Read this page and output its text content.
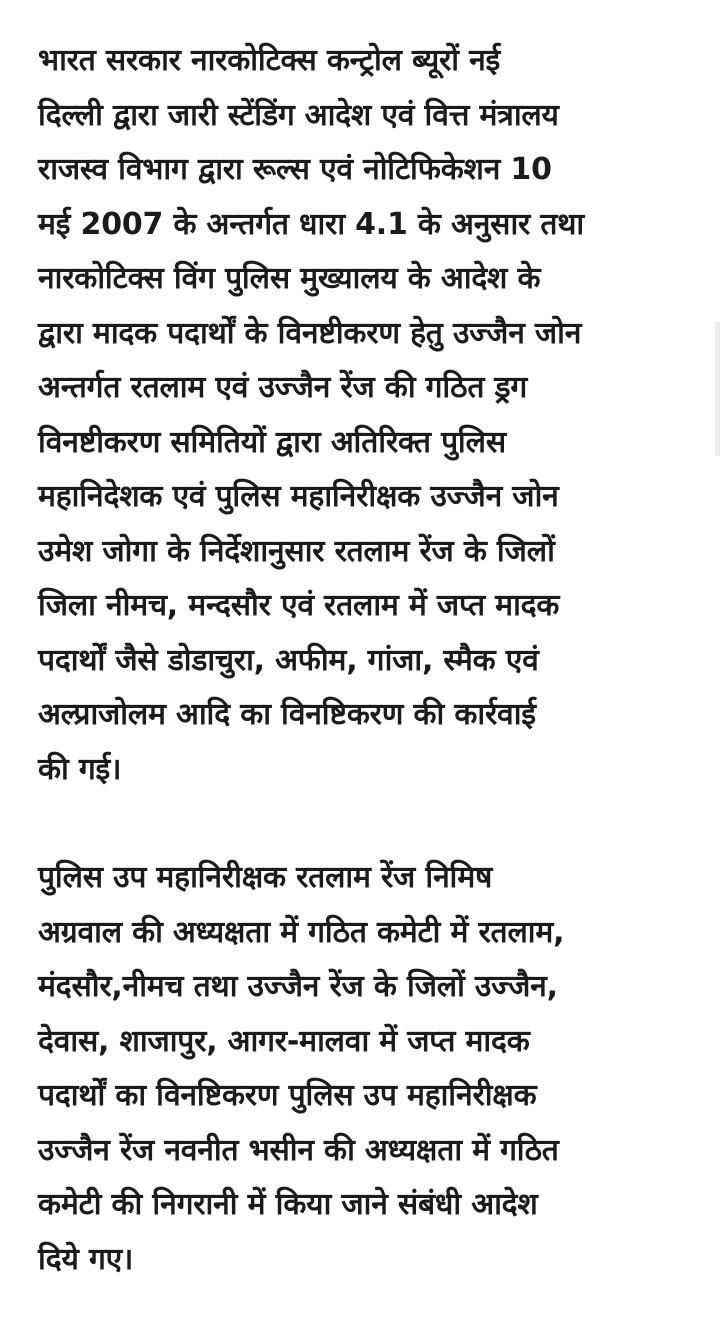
भारत सरकार नारकोटिक्स कन्ट्रोल ब्यूरों नई
दिल्ली द्वारा जारी स्टेंडिंग आदेश एवं वित्त मंत्रालय
राजस्व विभाग द्वारा रूल्स एवं नोटिफिकेशन 10
मई 2007 के अन्तर्गत धारा 4.1 के अनुसार तथा
नारकोटिक्स विंग पुलिस मुख्यालय के आदेश के
द्वारा मादक पदार्थों के विनष्टीकरण हेतु उज्जैन जोन
अन्तर्गत रतलाम एवं उज्जैन रेंज की गठित ड्रग
विनष्टीकरण समितियों द्वारा अतिरिक्त पुलिस
महानिदेशक एवं पुलिस महानिरीक्षक उज्जैन जोन
उमेश जोगा के निर्देशानुसार रतलाम रेंज के जिलों
जिला नीमच, मन्दसौर एवं रतलाम में जप्त मादक
पदार्थों जैसे डोडाचुरा, अफीम, गांजा, स्मैक एवं
अल्प्राजोलम आदि का विनष्टिकरण की कार्रवाई
की गई।

पुलिस उप महानिरीक्षक रतलाम रेंज निमिष
अग्रवाल की अध्यक्षता में गठित कमेटी में रतलाम,
मंदसौर,नीमच तथा उज्जैन रेंज के जिलों उज्जैन,
देवास, शाजापुर, आगर-मालवा में जप्त मादक
पदार्थों का विनष्टिकरण पुलिस उप महानिरीक्षक
उज्जैन रेंज नवनीत भसीन की अध्यक्षता में गठित
कमेटी की निगरानी में किया जाने संबंधी आदेश
दिये गए।
